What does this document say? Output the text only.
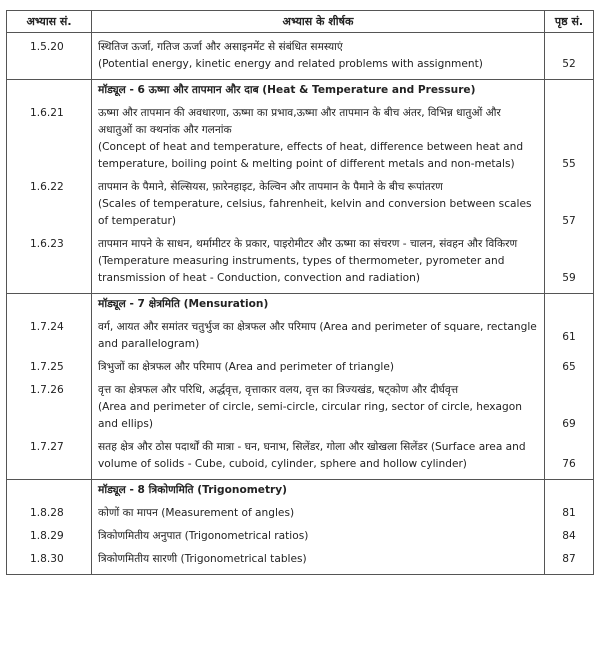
अभ्यास सं.	अभ्यास के शीर्षक	पृष्ठ सं.

1.5.20	स्थितिज ऊर्जा, गतिज ऊर्जा और असाइनमेंट से संबंधित समस्याएं
(Potential energy, kinetic energy and related problems with assignment)	52

	मॉड्यूल - 6 ऊष्मा और तापमान और दाब (Heat & Temperature and Pressure)	
1.6.21	ऊष्मा और तापमान की अवधारणा, ऊष्मा का प्रभाव,ऊष्मा और तापमान के बीच अंतर, विभिन्न धातुओं और अधातुओं का क्थनांक और गलनांक
(Concept of heat and temperature, effects of heat, difference between heat and temperature, boiling point & melting point of different metals and non-metals)	55

1.6.22	तापमान के पैमाने, सेल्सियस, फ़ारेनहाइट, केल्विन और तापमान के पैमाने के बीच रूपांतरण
(Scales of temperature, celsius, fahrenheit, kelvin and conversion between scales of temperatur)	57

1.6.23	तापमान मापने के साधन, थर्मामीटर के प्रकार, पाइरोमीटर और ऊष्मा का संचरण - चालन, संवहन और विकिरण
(Temperature measuring instruments, types of thermometer, pyrometer and transmission of heat - Conduction, convection and radiation)	59

	मॉड्यूल - 7 क्षेत्रमिति (Mensuration)	
1.7.24	वर्ग, आयत और समांतर चतुर्भुज का क्षेत्रफल और परिमाप (Area and perimeter of square, rectangle and parallelogram)	61

1.7.25	त्रिभुजों का क्षेत्रफल और परिमाप (Area and perimeter of triangle)	65

1.7.26	वृत्त का क्षेत्रफल और परिधि, अर्द्धवृत्त, वृत्ताकार वलय, वृत्त का त्रिज्यखंड, षट्कोण और दीर्घवृत्त
(Area and perimeter of circle, semi-circle, circular ring, sector of circle, hexagon and ellips)	69

1.7.27	सतह क्षेत्र और ठोस पदार्थों की मात्रा - घन, घनाभ, सिलेंडर, गोला और खोखला सिलेंडर (Surface area and volume of solids - Cube, cuboid, cylinder, sphere and hollow cylinder)	76

	मॉड्यूल - 8 त्रिकोणमिति (Trigonometry)	
1.8.28	कोणों का मापन (Measurement of angles)	81

1.8.29	त्रिकोणमितीय अनुपात (Trigonometrical ratios)	84

1.8.30	त्रिकोणमितीय सारणी (Trigonometrical tables)	87
